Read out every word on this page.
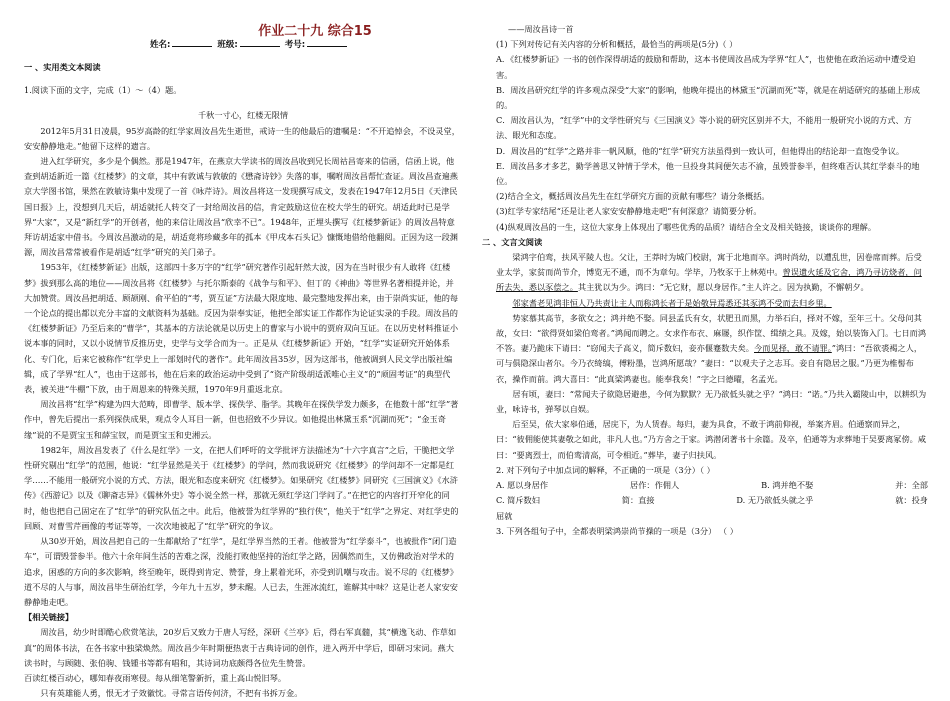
作业二十九 综合15
姓名:	班级:	考号:
一 、实用类文本阅读

1.阅读下面的文字，完成（1）～（4）题。

千秋一寸心，红楼无限情

2012年5月31日凌晨，95岁高龄的红学家周汝昌先生逝世，戒诗一生的他最后的遗嘱是：“不开追悼会，不设灵堂，安安静静地走。”他留下这样的遗言。

进入红学研究，多少是个偶然。那是1947年，在燕京大学读书的周汝昌收到兄长周祜昌寄来的信函，信函上说，他查到胡适新近一篇《红楼梦》的文章，其中有敦诚与敦敏的《懋斋诗钞》失落的事，嘱咐周汝昌帮忙查证。周汝昌查遍燕京大学图书馆，果然在敦敏诗集中发现了一首《咏芹诗》。周汝昌将这一发现撰写成文，发表在1947年12月5日《天津民国日报》上，没想到几天后，胡适就托人转交了一封给周汝昌的信，肯定鼓励这位在校大学生的研究。胡适此时已是学界“大家”，又是“新红学”的开创者，他的来信让周汝昌“欣幸不已”。1948年，正埋头撰写《红楼梦新证》的周汝昌特意拜访胡适家中借书。今周汝昌激动的是，胡适竟将珍藏多年的孤本《甲戌本石头记》慷慨地借给他翻阅。正因为这一段渊源，周汝昌常常被看作是胡适“红学”研究的关门弟子。

1953年，《红楼梦新证》出版，这部四十多万字的“红学”研究著作引起轩然大波，因为在当时很少有人敢将《红楼梦》拔到那么高的地位——周汝昌将《红楼梦》与托尔斯泰的《战争与和平》、但丁的《神曲》等世界名著相提并论，并大加赞赏。周汝昌把胡适、顾颉刚、俞平伯的“考，贾互证”方法最大限度地、最完整地发挥出来，由于崇尚实证，他的每一个论点的提出都以充分丰富的文献资料为基础。反因为崇奉实证，他把全部实证工作都作为论证实录的手段。周汝昌的《红楼梦新证》乃至后来的“曹学”，其基本的方法论就是以历史上的曹家与小说中的贾府双向互证。在以历史材料推证小说本事的同时，又以小说情节反推历史，史学与文学合而为一。正是从《红楼梦新证》开始，“红学”实证研究开始体系化、专门化，后来它被称作“红学史上一部划时代的著作”。此年周汝昌35岁，因为这部书，他被调到人民文学出版社编辑，成了学界“红人”，也由于这部书，他在后来的政治运动中受到了“资产阶级胡适派唯心主义”的“顽固考证”的典型代表，被关进“牛棚”下放，由于周恩来的特殊关照，1970年9月重返北京。

周汝昌将“红学”构建为四大范畴，即曹学、版本学、探佚学、脂学。其晚年在探佚学发力颇多，在他数十部“红学”著作中，曾先后提出一系列探佚成果，观点令人耳目一新，但也招致不少异议。如他提出林黛玉系“沉湖而死”；“金玉奇缘”说的不是贾宝玉和薛宝钗，而是贾宝玉和史湘云。

1982年，周汝昌发表了《什么是红学》一文，在把人们呼吁的文学批评方法描述为“十六字真言”之后，干脆把文学性研究剔出“红学”的范围，他说：“红学显然是关于《红楼梦》的学问，然而我说研究《红楼梦》的学问却不一定都是红学……不能用一般研究小说的方式、方法，眼光和态度来研究《红楼梦》。如果研究《红楼梦》同研究《三国演义》《水浒传》《西游记》以及《聊斋志异》《儒林外史》等小说全然一样，那就无须红学这门学问了。”在把它的内容打开窄化的同时，他也把自己固定在了“红学”的研究队伍之中。此后，他被誉为红学界的“独行侠”，他关于“红学”之界定、对红学史的回顾、对曹雪芹画像的考证等等，一次次地被起了“红学”研究的争议。

从30岁开始，周汝昌把自己的一生都献给了“红学”，是红学界当然的王者。他被誉为“红学泰斗”，也被批作“闭门造车”，可谓毁誉参半。他六十余年间生活的苦难之深，没能打败他坚持的治红学之路，因偶然而生，又仿佛政治对学术的追求，困惑的方向的多次影响，终至晚年，既得到肯定、赞誉，身上累着光环，亦受到讥嘲与攻击。说不尽的《红楼梦》道不尽的人与事，周汝昌毕生研治红学，今年九十五岁，梦未醒。人已去，生涯冰流红，谁解其中味？这是让老人家安安静静地走吧。

【相关链接】

周汝昌，幼少时即酷心欣赏笔法，20岁后又致力于唐人写经，深研《兰亭》后，得右军真髓，其“横逸飞动、作草如真”的周体书法，在各书家中独梁焕然。周汝昌少年时期便热衷于古典诗词的创作，进入两开中学后，即研习宋词。燕大读书时，与顾随、张伯驹、钱锺书等都有唱和，其诗词功底颇得各位先生赞誉。

百读红楼百动心，哪知春夜雨寒侵。每从细笔警新折，重上高山悦旧琴。

只有英雄能人勇，恨无才子效徽忱。寻常言语传何济，不把有书拆万金。

——周汝昌诗一首

(1) 下列对传记有关内容的分析和概括，最恰当的两项是(5分)（ ）

A．《红楼梦新证》一书的创作深得胡适的鼓励和帮助，这本书使周汝昌成为学界“红人”，也使他在政治运动中遭受迫害。

B．周汝昌研究红学的许多观点深受“大家”的影响，他晚年提出的林黛玉“沉湖而死”等，就是在胡适研究的基础上形成的。

C．周汝昌认为，“红学”中的文学性研究与《三国演义》等小说的研究区别并不大，不能用一般研究小说的方式、方法、眼光和态度。

D．周汝昌的“红学”之路并非一帆风顺，他的“红学”研究方法虽得到一致认可，但他得出的结论却一直饱受争议。

E．周汝昌多才多艺，勤学善思又钟情于学术，他一旦投身其间便矢志不渝，虽毁誉参半，但终难否认其红学泰斗的地位。

(2)结合全文，概括周汝昌先生在红学研究方面的贡献有哪些？请分条概括。

(3)红学专家结尾“还是让老人家安安静静地走吧”有何深意？请简要分析。

(4)纵观周汝昌的一生，这位大家身上体现出了哪些优秀的品质？请结合全文及相关链接，谈谈你的理解。

二 、文言文阅读

梁鸿字伯鸾，扶风平陵人也。父让，王莽时为城门校尉，寓于北地而卒。鸿时尚幼，以遭乱世，因卷席而葬。后受业太学，家贫而尚节介，博览无不通，而不为章句。学毕，乃牧豕于上林苑中。曾误遗火延及它舍，鸿乃寻访烧者，问所去失，悉以豕偿之。其主犹以为少。鸿曰：“无它财，愿以身居作。”主人许之。因为执勤，不懈朝夕。

邻家耆老见鸿非恒人乃共责让主人而称鸿长者于是始敬异焉悉还其豕鸿不受而去归乡里。

势家慕其高节，多欲女之；鸿并绝不娶。同县孟氏有女，状肥丑而黑，力举石臼，择对不嫁，至年三十。父母问其故，女曰：“欲得贤如梁伯鸾者。”鸿闻而聘之。女求作布衣、麻屦，织作筐、缉绩之具。及嫁，始以装饰入门。七日而鸿不答。妻乃跪床下请曰：“窃闻夫子高义，简斥数妇，妾亦偃蹇数夫矣。今而见择，敢不请罪。”鸿曰：“吾欲裘褐之人，可与俱隐深山者尔。今乃衣绮缟，傅粉墨，岂鸿所愿哉？”妻曰：“以观夫子之志耳。妾自有隐居之服。”乃更为椎髻布衣，操作而前。鸿大喜曰：“此真梁鸿妻也。能奉我矣！”字之曰德曜，名孟光。

居有顷，妻曰：“常闻夫子欲隐居避患，今何为默默？无乃欲低头就之乎？”鸿曰：“诺。”乃共入霸陵山中，以耕织为业，咏诗书，弹琴以自娱。

后至吴，依大家皋伯通，居庑下，为人赁舂。每归，妻为具食，不敢于鸿前仰视，举案齐眉。伯通察而异之，曰：“彼佣能使其妻敬之如此，非凡人也。”乃方舍之于家。鸿潜闭著书十余篇。及卒，伯通等为求葬地于吴要离冢傍。咸曰：“要离烈士，而伯鸾清高，可令相近。”葬毕，妻子归扶风。

2. 对下列句子中加点词的解释，不正确的一项是（3分）（ ）

A. 愿以身居作	居作：作佣人	B. 鸿并绝不娶	并：全部
C. 简斥数妇	简：直接	D. 无乃欲低头就之乎	就：投身

屈就

3. 下列各组句子中，全都表明梁鸿崇尚节操的一项是（3分） （ ）
